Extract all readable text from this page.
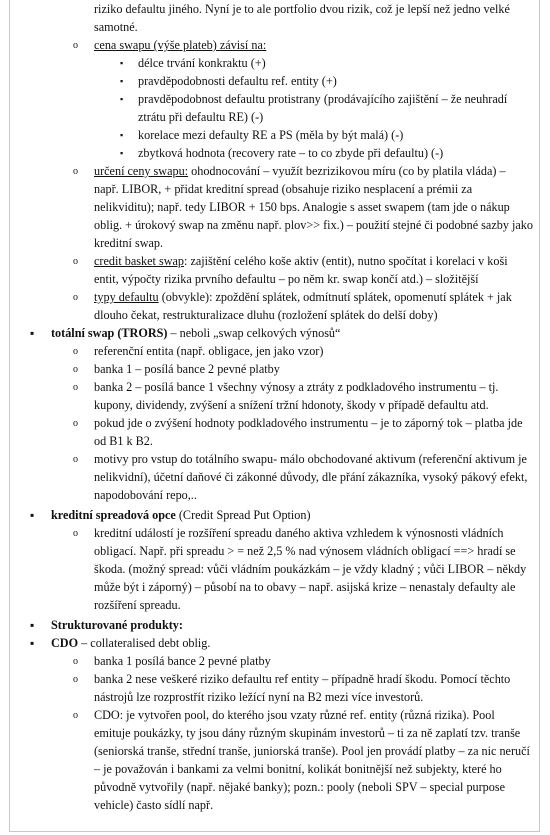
riziko defaultu jiného. Nyní je to ale portfolio dvou rizik, což je lepší než jedno velké samotné.
o cena swapu (výše plateb) závisí na:
▪ délce trvání konkraktu (+)
▪ pravděpodobnosti defaultu ref. entity (+)
▪ pravděpodobnost defaultu protistrany (prodávajícího zajištění – že neuhradí ztrátu při defaultu RE) (-)
▪ korelace mezi defaulty RE a PS (měla by být malá) (-)
▪ zbytková hodnota (recovery rate – to co zbyde při defaultu) (-)
o určení ceny swapu: ohodnocování – využít bezrizikovou míru (co by platila vláda) – např. LIBOR, + přidat kreditní spread (obsahuje riziko nesplacení a prémii za nelikviditu); např. tedy LIBOR + 150 bps. Analogie s asset swapem (tam jde o nákup oblig. + úrokový swap na změnu např. plov>> fix.) – použití stejné či podobné sazby jako kreditní swap.
o credit basket swap: zajištění celého koše aktiv (entit), nutno spočítat i korelaci v koši entit, výpočty rizika prvního defaultu – po něm kr. swap končí atd.) – složitější
o typy defaultu (obvykle): zpoždění splátek, odmítnutí splátek, opomenutí splátek + jak dlouho čekat, restrukturalizace dluhu (rozložení splátek do delší doby)
▪ totální swap (TRORS) – neboli „swap celkových výnosů“
o referenční entita (např. obligace, jen jako vzor)
o banka 1 – posílá bance 2 pevné platby
o banka 2 – posílá bance 1 všechny výnosy a ztráty z podkladového instrumentu – tj. kupony, dividendy, zvýšení a snížení tržní hdonoty, škody v případě defaultu atd.
o pokud jde o zvýšení hodnoty podkladového instrumentu – je to záporný tok – platba jde od B1 k B2.
o motivy pro vstup do totálního swapu- málo obchodované aktivum (referenční aktivum je nelikvidní), účetní daňové či zákonné důvody, dle přání zákazníka, vysoký pákový efekt, napodobování repo,..
▪ kreditní spreadová opce (Credit Spread Put Option)
o kreditní událostí je rozšíření spreadu daného aktiva vzhledem k výnosnosti vládních obligací. Např. při spreadu > = než 2,5 % nad výnosem vládních obligací ==> hradí se škoda. (možný spread: vůči vládním poukázkám – je vždy kladný ; vůči LIBOR – někdy může být i záporný) – působí na to obavy – např. asijská krize – nenastaly defaulty ale rozšíření spreadu.
▪ Strukturované produkty:
▪ CDO – collateralised debt oblig.
o banka 1 posílá bance 2 pevné platby
o banka 2 nese veškeré riziko defaultu ref entity – případně hradí škodu. Pomocí těchto nástrojů lze rozprostřít riziko ležící nyní na B2 mezi více investorů.
o CDO: je vytvořen pool, do kterého jsou vzaty různé ref. entity (různá rizika). Pool emituje poukázky, ty jsou dány různým skupinám investorů – ti za ně zaplatí tzv. tranše (seniorská tranše, střední tranše, juniorská tranše). Pool jen provádí platby – za nic neručí – je považován i bankami za velmi bonitní, kolikát bonitnější než subjekty, které ho původně vytvořily (např. nějaké banky); pozn.: pooly (neboli SPV – special purpose vehicle) často sídlí např.
